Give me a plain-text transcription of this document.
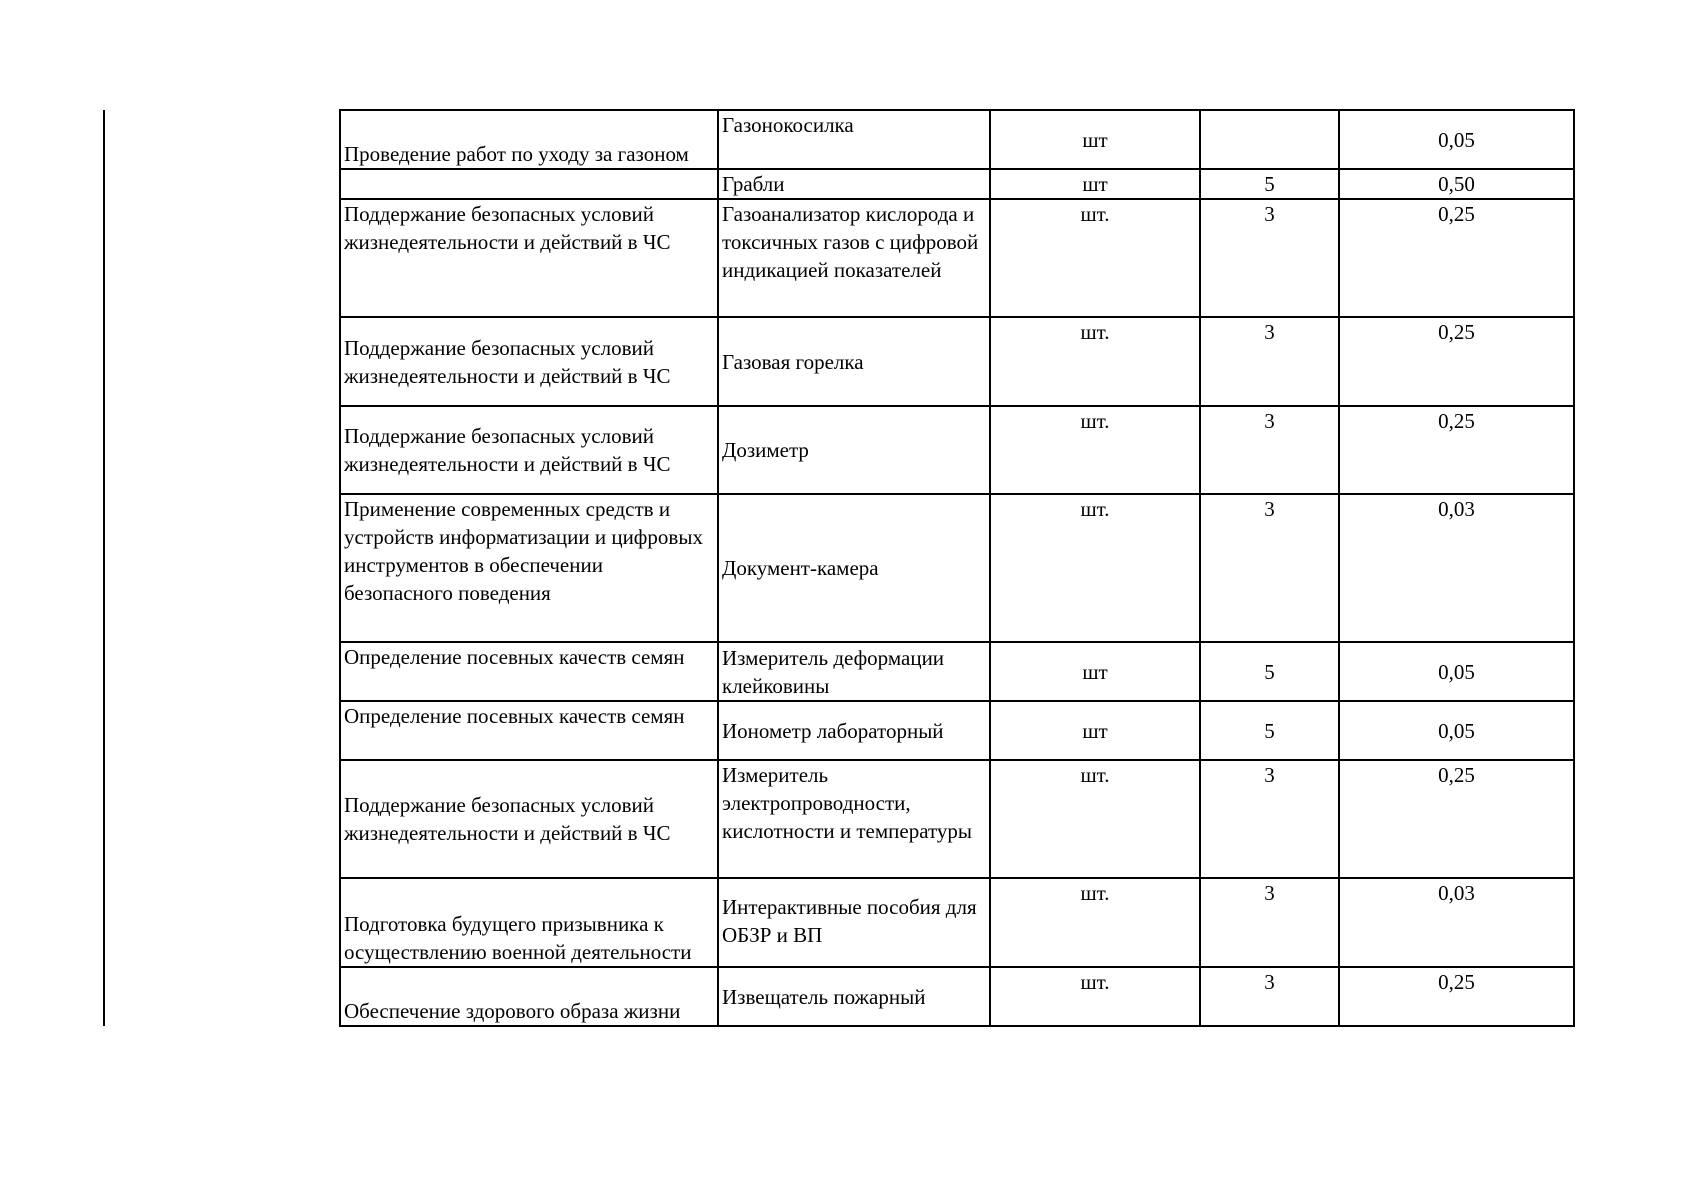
Проведение работ по уходу за газоном	Газонокосилка	шт		0,05
	Грабли	шт	5	0,50
Поддержание безопасных условий жизнедеятельности и действий в ЧС	Газоанализатор кислорода и токсичных газов с цифровой индикацией показателей	шт.	3	0,25
Поддержание безопасных условий жизнедеятельности и действий в ЧС	Газовая горелка	шт.	3	0,25
Поддержание безопасных условий жизнедеятельности и действий в ЧС	Дозиметр	шт.	3	0,25
Применение современных средств и устройств информатизации и цифровых инструментов в обеспечении безопасного поведения	Документ-камера	шт.	3	0,03
Определение посевных качеств семян	Измеритель деформации клейковины	шт	5	0,05
Определение посевных качеств семян	Иономeтр лабораторный	шт	5	0,05
Поддержание безопасных условий жизнедеятельности и действий в ЧС	Измеритель электропроводности, кислотности и температуры	шт.	3	0,25
Подготовка будущего призывника к осуществлению военной деятельности	Интерактивные пособия для ОБЗР и ВП	шт.	3	0,03
Обеспечение здорового образа жизни	Извещатель пожарный	шт.	3	0,25
